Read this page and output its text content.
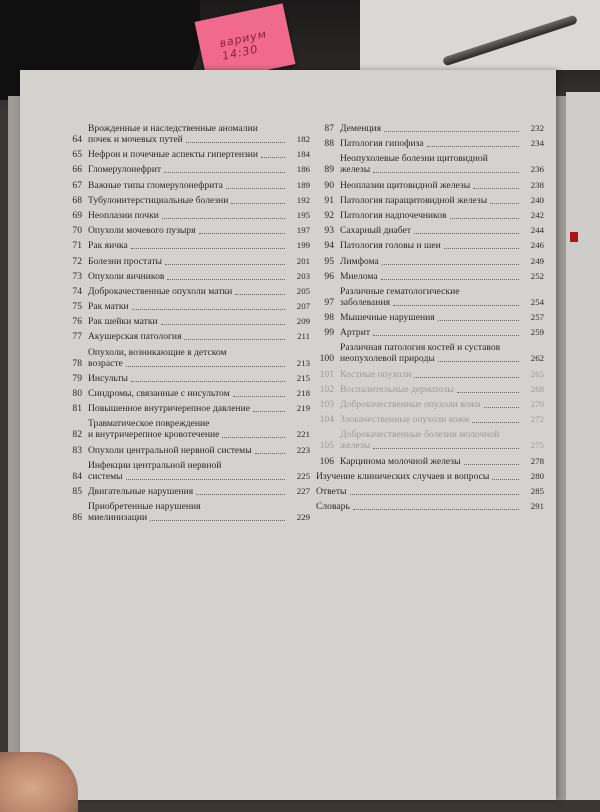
вариум 14:30
64
Врожденные и наследственные аномалии
почек и мочевых путей	182
65 Нефрон и почечные аспекты гипертензии	184
66 Гломерулонефрит	186
67 Важные типы гломерулонефрита	189
68 Тубулоинтерстициальные болезни	192
69 Неоплазии почки	195
70 Опухоли мочевого пузыря	197
71 Рак яичка	199
72 Болезни простаты	201
73 Опухоли яичников	203
74 Доброкачественные опухоли матки	205
75 Рак матки	207
76 Рак шейки матки	209
77 Акушерская патология	211
78
Опухоли, возникающие в детском
возрасте	213
79 Инсульты	215
80 Синдромы, связанные с инсультом	218
81 Повышенное внутричерепное давление	219
82
Травматическое повреждение
и внутричерепное кровотечение	221
83 Опухоли центральной нервной системы	223
84
Инфекции центральной нервной
системы	225
85 Двигательные нарушения	227
86
Приобретенные нарушения
миелинизации	229
87 Деменция	232
88 Патология гипофиза	234
89
Неопухолевые болезни щитовидной
железы	236
90 Неоплазии щитовидной железы	238
91 Патология паращитовидной железы	240
92 Патология надпочечников	242
93 Сахарный диабет	244
94 Патология головы и шеи	246
95 Лимфома	249
96 Миелома	252
97
Различные гематологические
заболевания	254
98 Мышечные нарушения	257
99 Артрит	259
100
Различная патология костей и суставов
неопухолевой природы	262
101 Костные опухоли	265
102 Воспалительные дерматозы	268
103 Доброкачественные опухоли кожи	270
104 Злокачественные опухоли кожи	272
105
Доброкачественные болезни молочной
железы	275
106 Карцинома молочной железы	278
Изучение клинических случаев и вопросы	280
Ответы	285
Словарь	291
